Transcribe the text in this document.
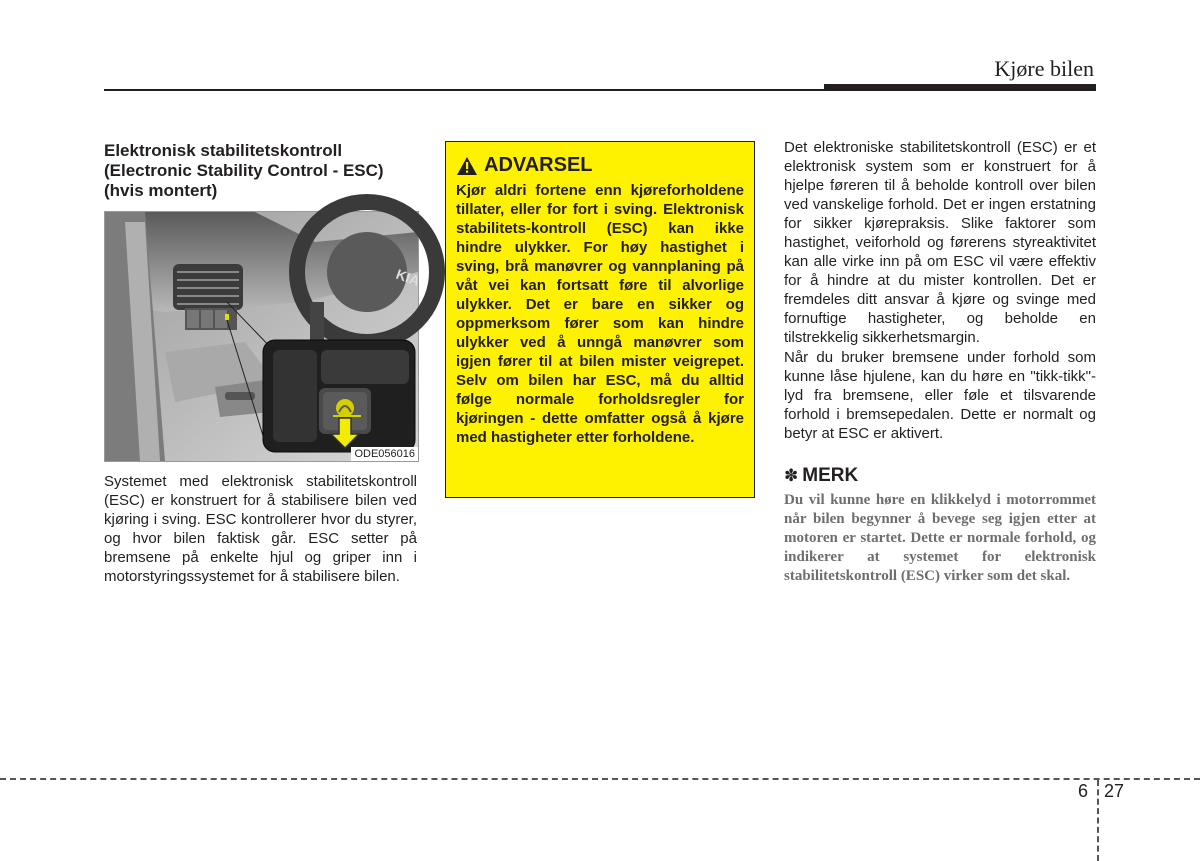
Kjøre bilen
Elektronisk stabilitetskontroll
(Electronic Stability Control - ESC)
(hvis montert)
KIA
ODE056016

Systemet med elektronisk stabilitetskontroll (ESC) er konstruert for å stabilisere bilen ved kjøring i sving. ESC kontrollerer hvor du styrer, og hvor bilen faktisk går. ESC setter på bremsene på enkelte hjul og griper inn i motorstyringssystemet for å stabilisere bilen.

ADVARSEL

Kjør aldri fortene enn kjøreforholdene tillater, eller for fort i sving. Elektronisk stabilitets-kontroll (ESC) kan ikke hindre ulykker. For høy hastighet i sving, brå manøvrer og vannplaning på våt vei kan fortsatt føre til alvorlige ulykker. Det er bare en sikker og oppmerksom fører som kan hindre ulykker ved å unngå manøvrer som igjen fører til at bilen mister veigrepet. Selv om bilen har ESC, må du alltid følge normale forholdsregler for kjøringen - dette omfatter også å kjøre med hastigheter etter forholdene.

Det elektroniske stabilitetskontroll (ESC) er et elektronisk system som er konstruert for å hjelpe føreren til å beholde kontroll over bilen ved vanskelige forhold. Det er ingen erstatning for sikker kjørepraksis. Slike faktorer som hastighet, veiforhold og førerens styreaktivitet kan alle virke inn på om ESC vil være effektiv for å hindre at du mister kontrollen. Det er fremdeles ditt ansvar å kjøre og svinge med fornuftige hastigheter, og beholde en tilstrekkelig sikkerhetsmargin.

Når du bruker bremsene under forhold som kunne låse hjulene, kan du høre en "tikk-tikk"-lyd fra bremsene, eller føle et tilsvarende forhold i bremsepedalen. Dette er normalt og betyr at ESC er aktivert.

✽ MERK

Du vil kunne høre en klikkelyd i motorrommet når bilen begynner å bevege seg igjen etter at motoren er startet. Dette er normale forhold, og indikerer at systemet for elektronisk stabilitetskontroll (ESC) virker som det skal.

6 27
